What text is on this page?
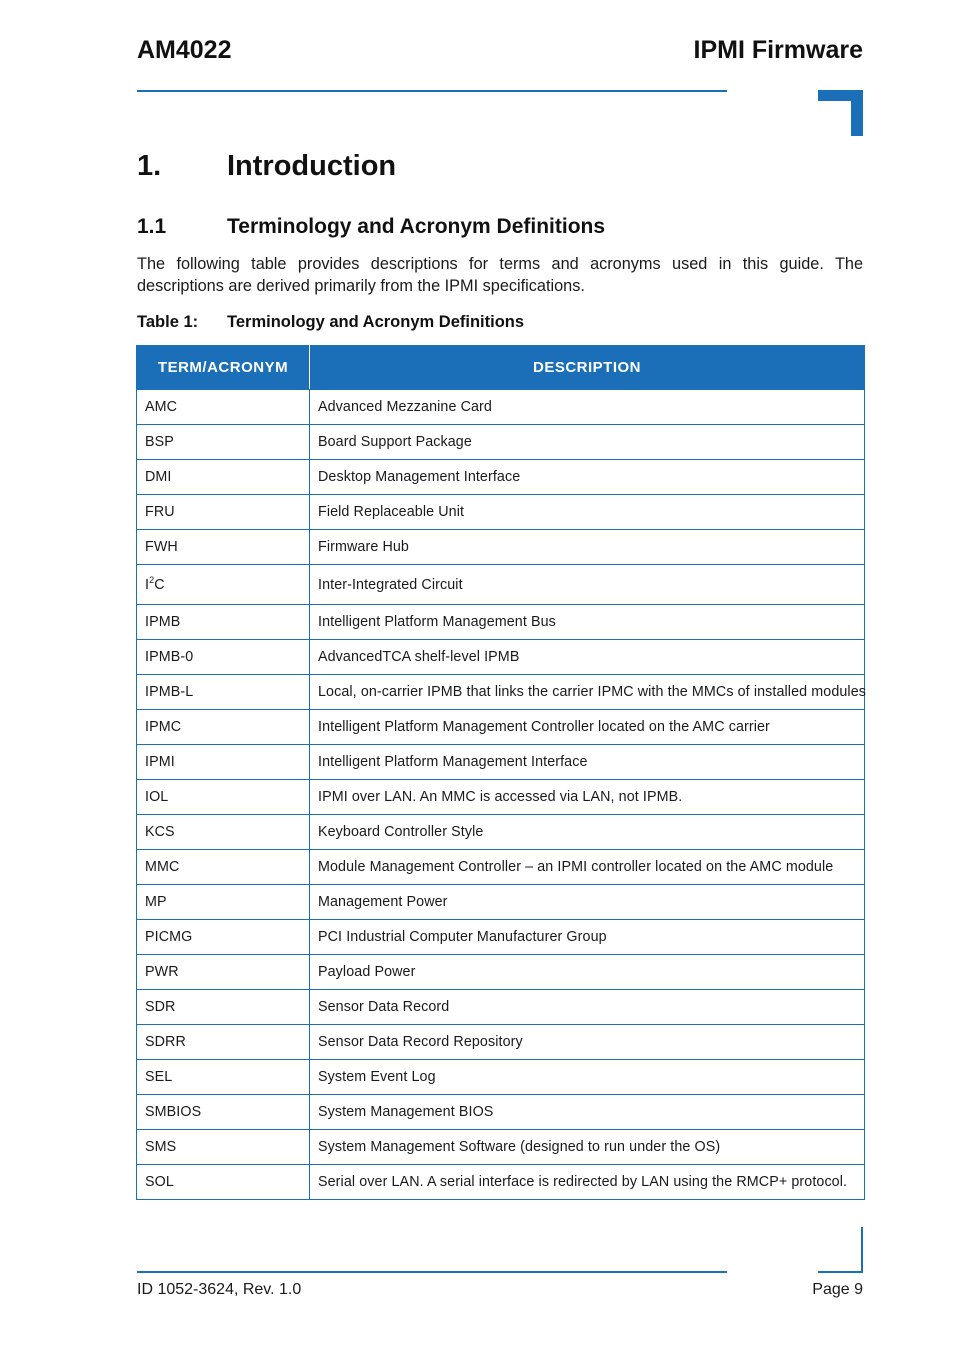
AM4022	IPMI Firmware
1. Introduction
1.1	Terminology and Acronym Definitions
The following table provides descriptions for terms and acronyms used in this guide. The descriptions are derived primarily from the IPMI specifications.
Table 1: Terminology and Acronym Definitions
TERM/ACRONYM	DESCRIPTION
AMC	Advanced Mezzanine Card
BSP	Board Support Package
DMI	Desktop Management Interface
FRU	Field Replaceable Unit
FWH	Firmware Hub
$I^2C$	Inter-Integrated Circuit
IPMB	Intelligent Platform Management Bus
IPMB-0	AdvancedTCA shelf-level IPMB
IPMB-L	Local, on-carrier IPMB that links the carrier IPMC with the MMCs of installed modules
IPMC	Intelligent Platform Management Controller located on the AMC carrier
IPMI	Intelligent Platform Management Interface
IOL	IPMI over LAN. An MMC is accessed via LAN, not IPMB.
KCS	Keyboard Controller Style
MMC	Module Management Controller – an IPMI controller located on the AMC module
MP	Management Power
PICMG	PCI Industrial Computer Manufacturer Group
PWR	Payload Power
SDR	Sensor Data Record
SDRR	Sensor Data Record Repository
SEL	System Event Log
SMBIOS	System Management BIOS
SMS	System Management Software (designed to run under the OS)
SOL	Serial over LAN. A serial interface is redirected by LAN using the RMCP+ protocol.
ID 1052-3624, Rev. 1.0	Page 9
